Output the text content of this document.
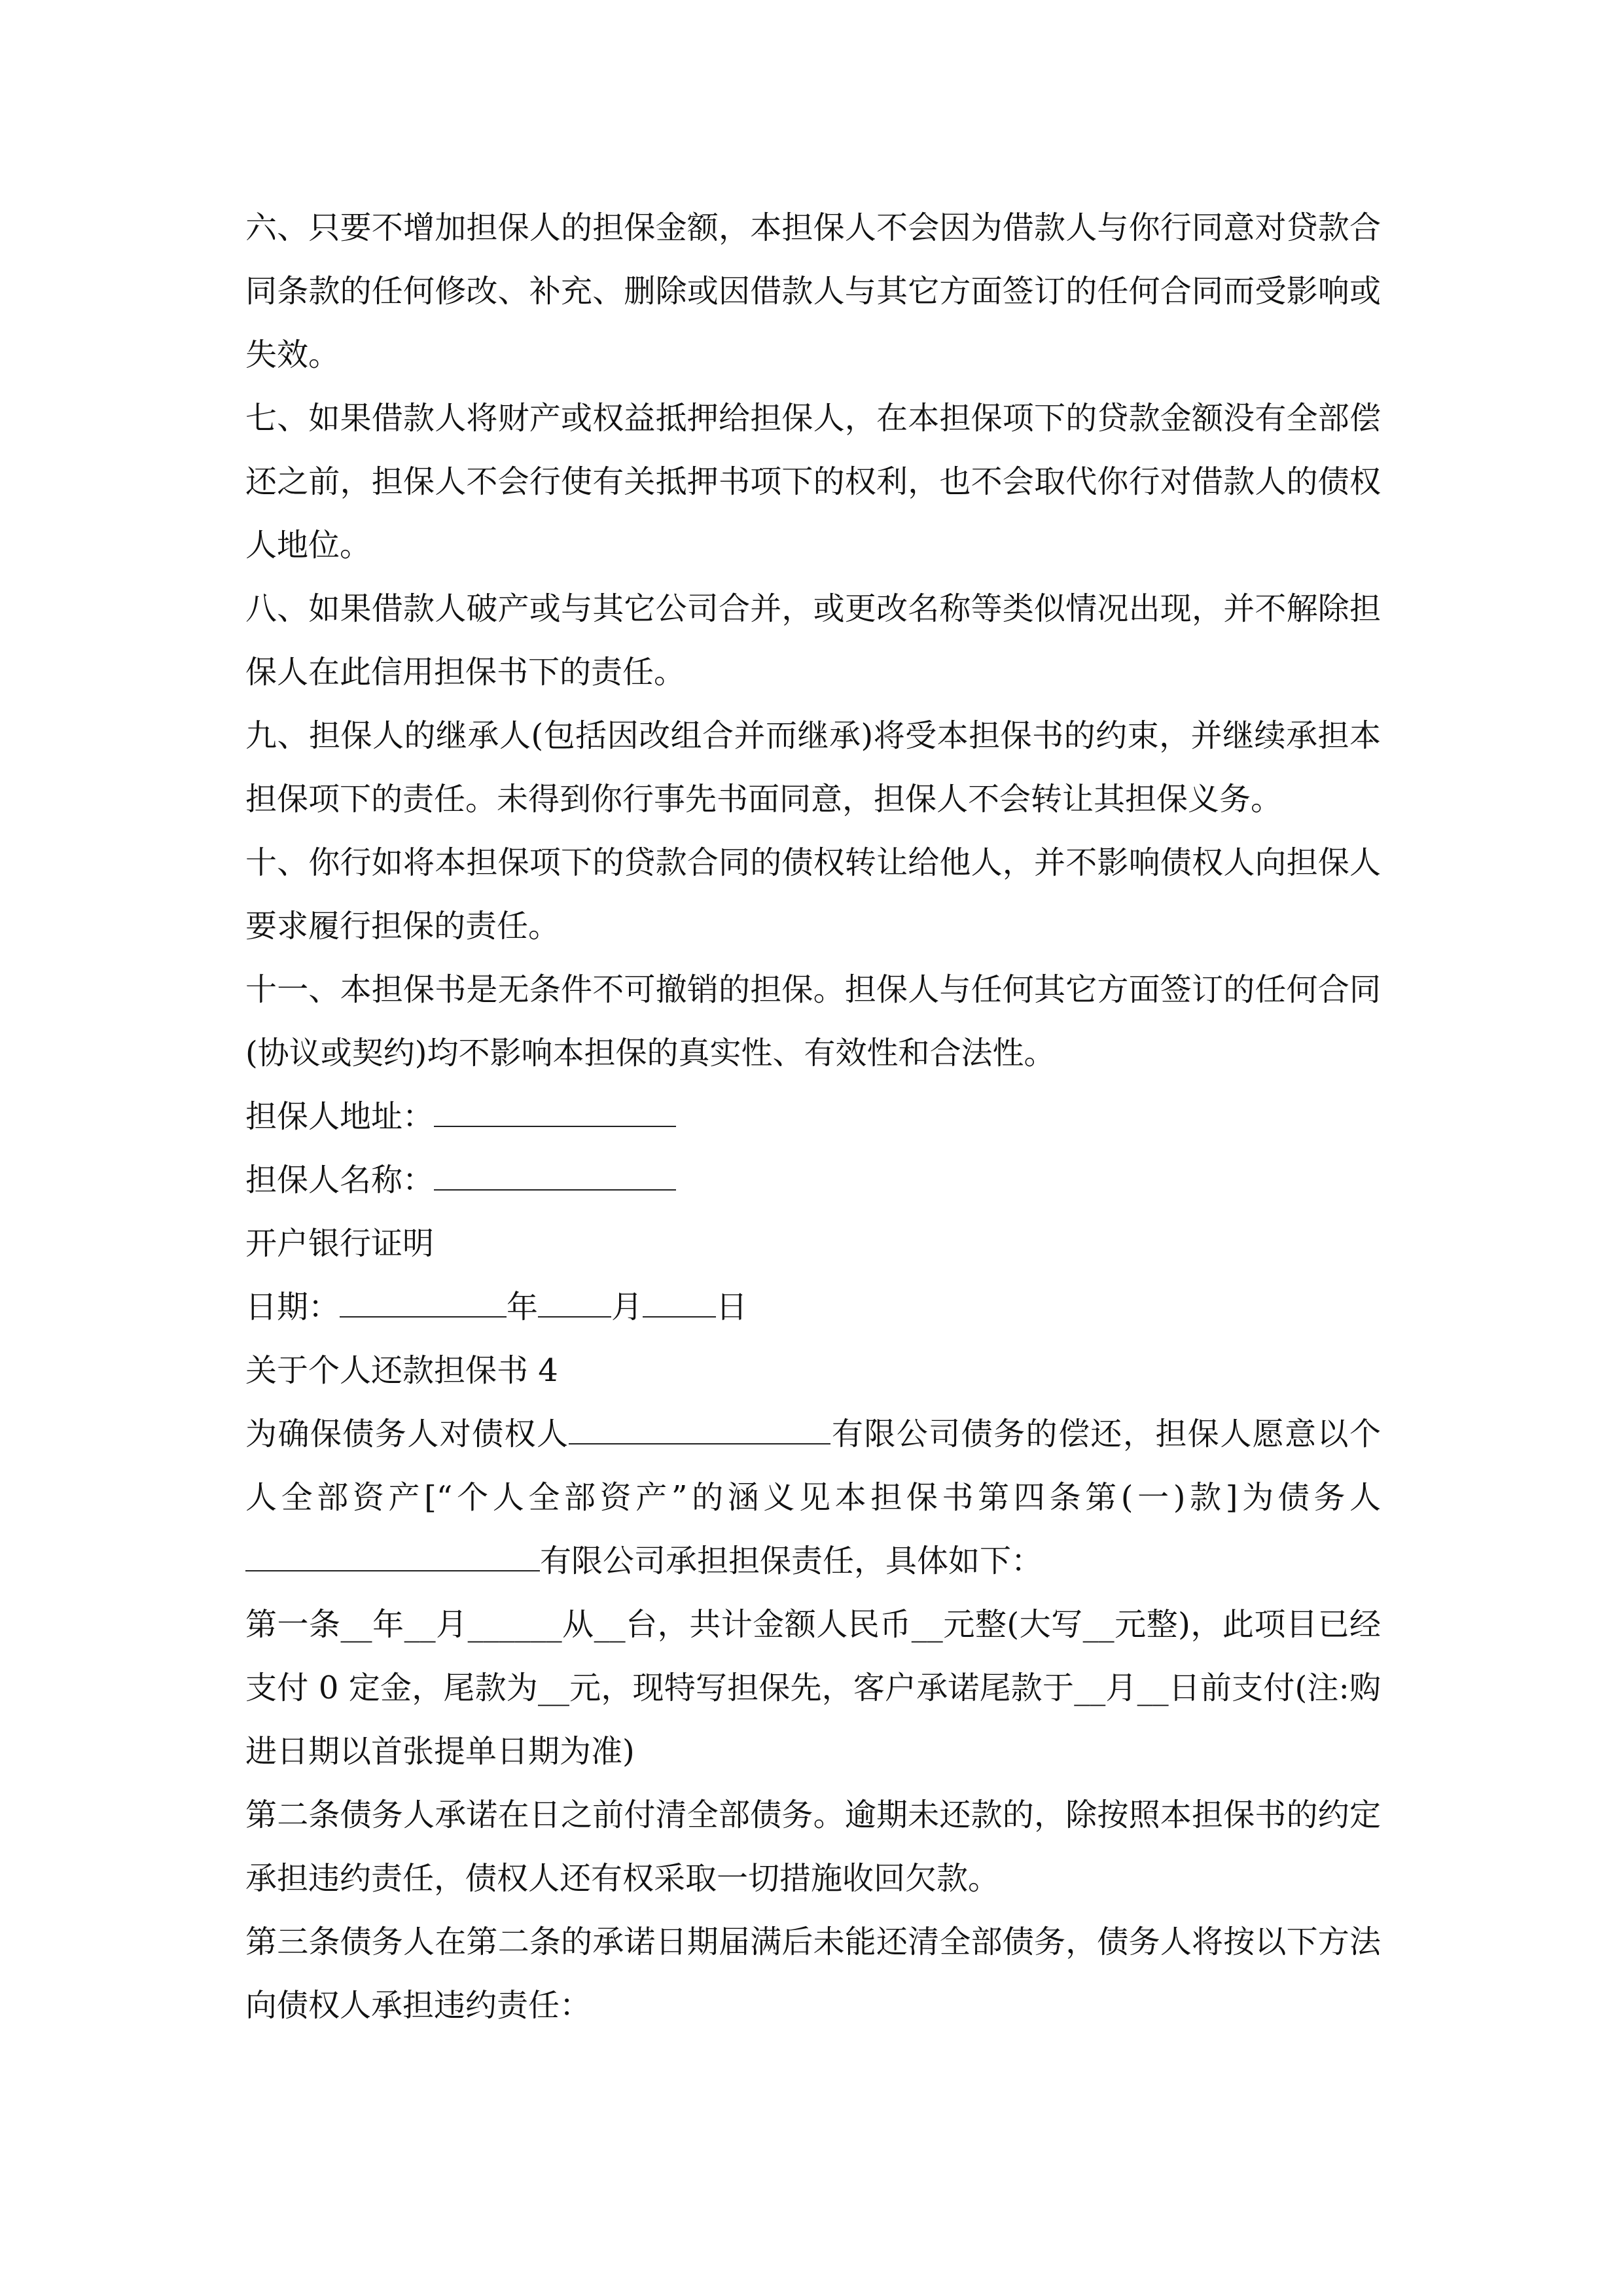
六、只要不增加担保人的担保金额，本担保人不会因为借款人与你行同意对贷款合同条款的任何修改、补充、删除或因借款人与其它方面签订的任何合同而受影响或失效。

七、如果借款人将财产或权益抵押给担保人，在本担保项下的贷款金额没有全部偿还之前，担保人不会行使有关抵押书项下的权利，也不会取代你行对借款人的债权人地位。

八、如果借款人破产或与其它公司合并，或更改名称等类似情况出现，并不解除担保人在此信用担保书下的责任。

九、担保人的继承人(包括因改组合并而继承)将受本担保书的约束，并继续承担本担保项下的责任。未得到你行事先书面同意，担保人不会转让其担保义务。

十、你行如将本担保项下的贷款合同的债权转让给他人，并不影响债权人向担保人要求履行担保的责任。

十一、本担保书是无条件不可撤销的担保。担保人与任何其它方面签订的任何合同(协议或契约)均不影响本担保的真实性、有效性和合法性。

担保人地址：

担保人名称：

开户银行证明

日期：	年 月 日

关于个人还款担保书 4

为确保债务人对债权人	有限公司债务的偿还，担保人愿意以个人全部资产[“个人全部资产”的涵义见本担保书第四条第(一)款]为债务人有限公司承担担保责任，具体如下：

第一条__年__月______从__台，共计金额人民币__元整(大写__元整)，此项目已经支付 0 定金，尾款为__元，现特写担保先，客户承诺尾款于__月__日前支付(注:购进日期以首张提单日期为准)

第二条债务人承诺在日之前付清全部债务。逾期未还款的，除按照本担保书的约定承担违约责任，债权人还有权采取一切措施收回欠款。

第三条债务人在第二条的承诺日期届满后未能还清全部债务，债务人将按以下方法向债权人承担违约责任：
